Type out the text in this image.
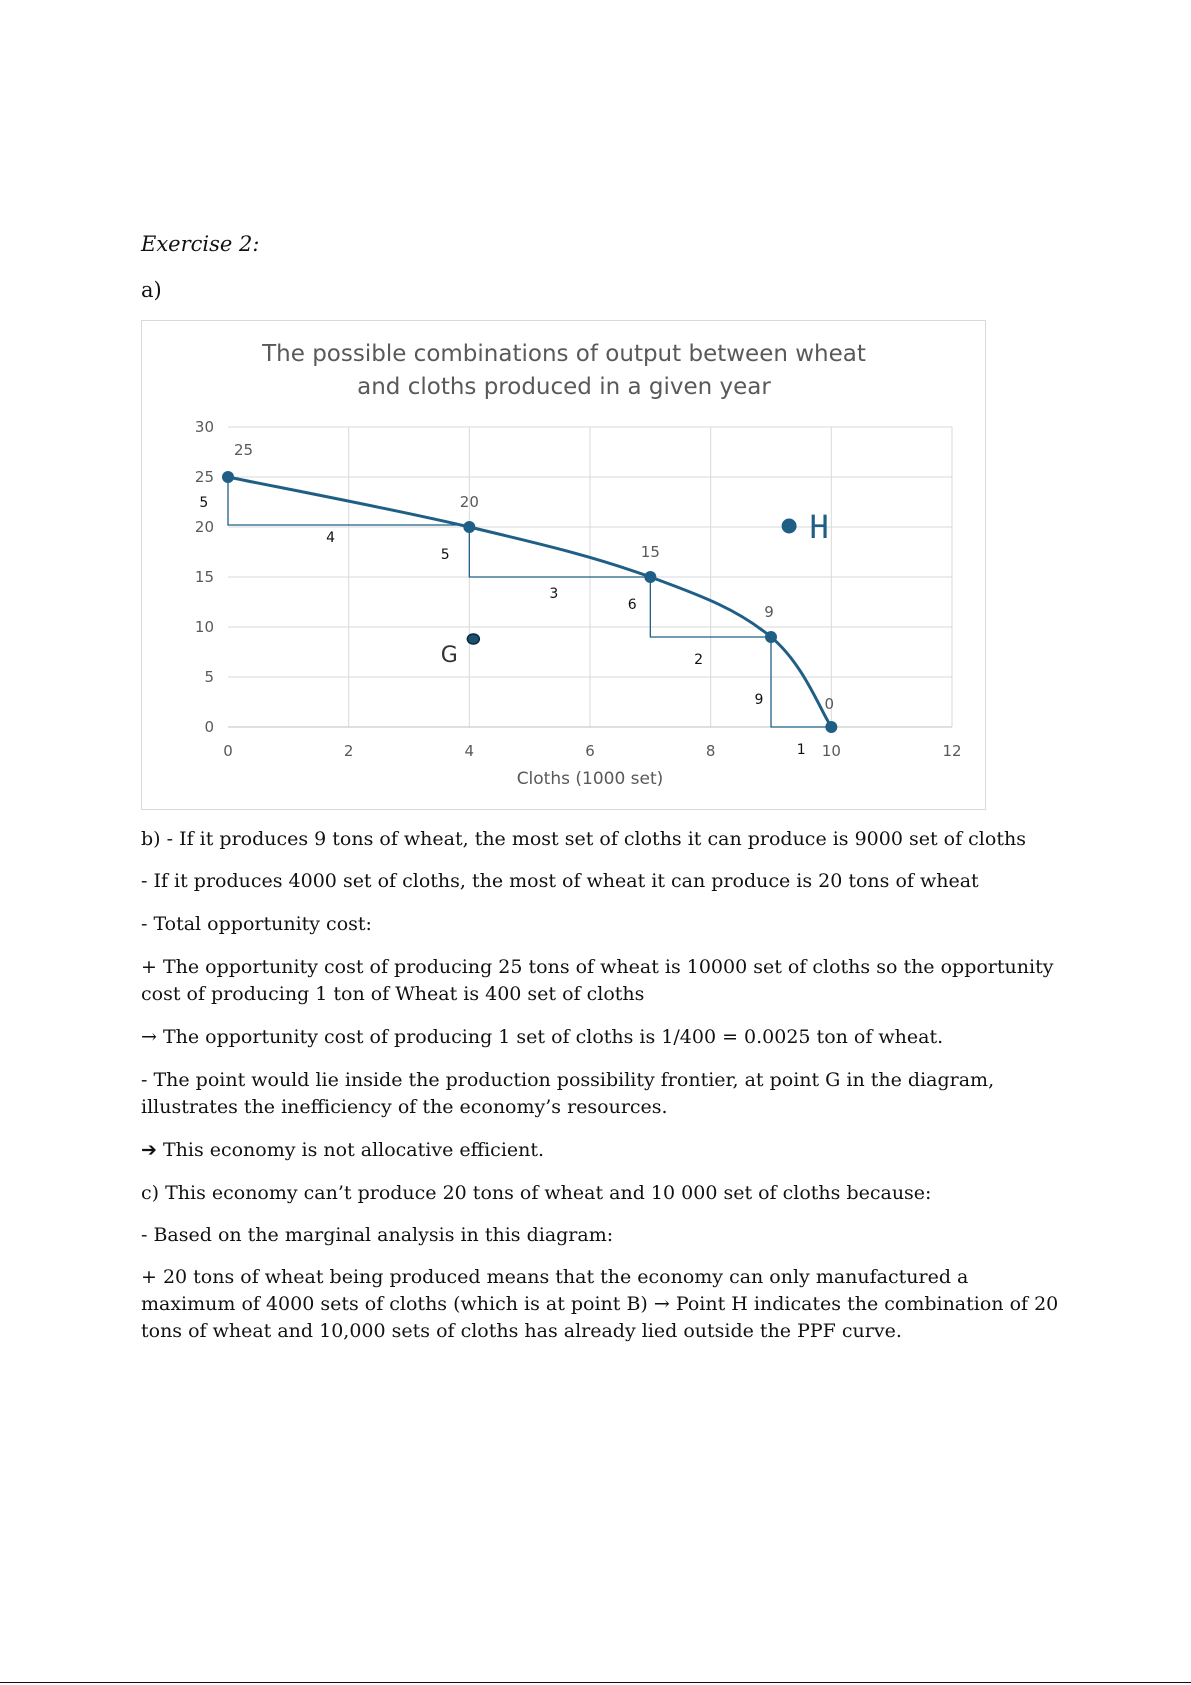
Exercise 2:
a)
The possible combinations of output between wheat
and cloths produced in a given year
0	2	4	6	8	10	12
0
5
10
15
20
25
30
Cloths (1000 set)
25
20
15
9
0
G
H
5
4
5
3
6
2
9
1

b) - If it produces 9 tons of wheat, the most set of cloths it can produce is 9000 set of cloths

- If it produces 4000 set of cloths, the most of wheat it can produce is 20 tons of wheat

- Total opportunity cost:

+ The opportunity cost of producing 25 tons of wheat is 10000 set of cloths so the opportunity cost of producing 1 ton of Wheat is 400 set of cloths

→ The opportunity cost of producing 1 set of cloths is 1/400 = 0.0025 ton of wheat.

- The point would lie inside the production possibility frontier, at point G in the diagram, illustrates the inefficiency of the economy’s resources.

➔ This economy is not allocative efficient.

c) This economy can’t produce 20 tons of wheat and 10 000 set of cloths because:

- Based on the marginal analysis in this diagram:

+ 20 tons of wheat being produced means that the economy can only manufactured a maximum of 4000 sets of cloths (which is at point B) → Point H indicates the combination of 20 tons of wheat and 10,000 sets of cloths has already lied outside the PPF curve.
